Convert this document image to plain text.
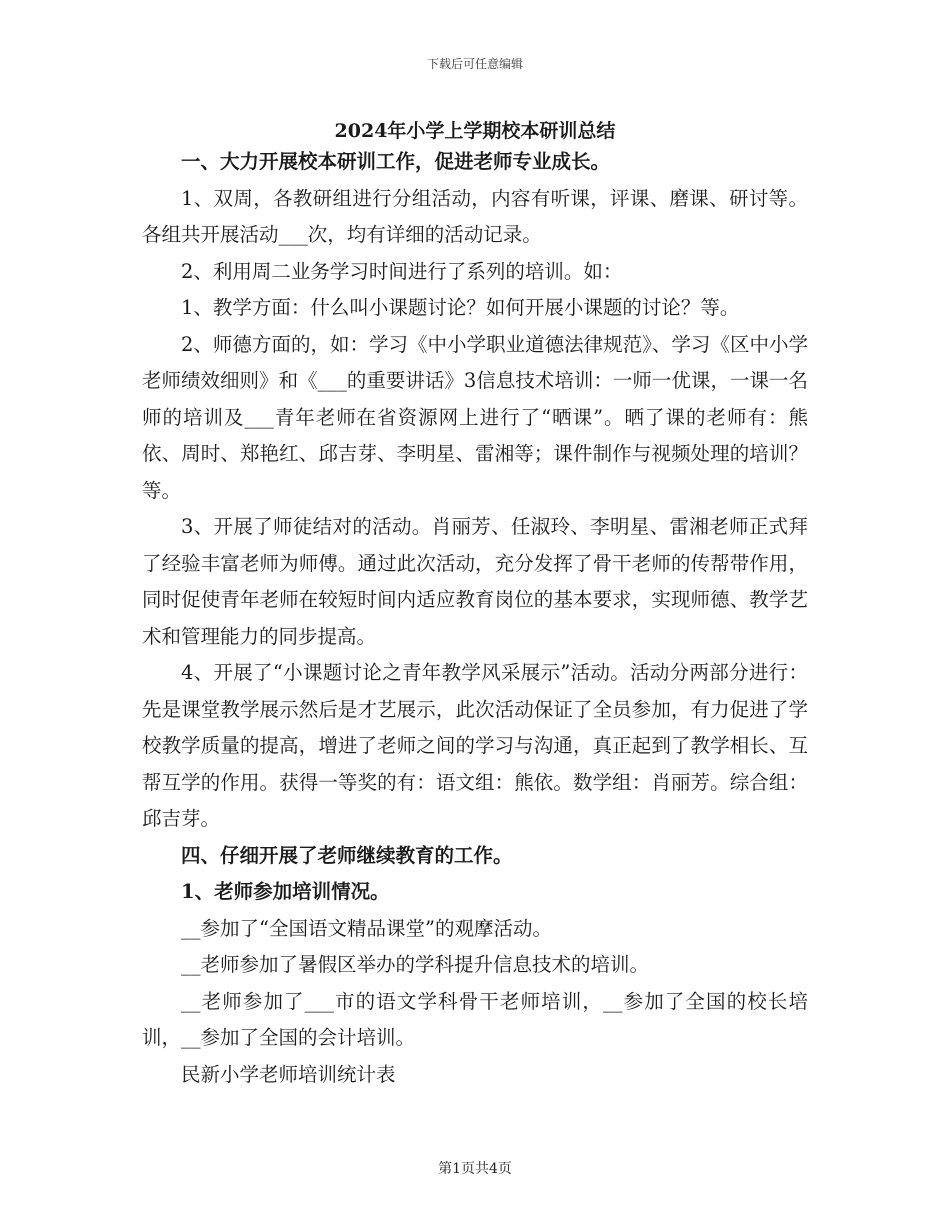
下载后可任意编辑
2024年小学上学期校本研训总结

一、大力开展校本研训工作，促进老师专业成长。

1、双周，各教研组进行分组活动，内容有听课，评课、磨课、研讨等。各组共开展活动___次，均有详细的活动记录。

2、利用周二业务学习时间进行了系列的培训。如：

1、教学方面：什么叫小课题讨论？如何开展小课题的讨论？等。

2、师德方面的，如：学习《中小学职业道德法律规范》、学习《区中小学老师绩效细则》和《___的重要讲话》3信息技术培训：一师一优课，一课一名师的培训及___青年老师在省资源网上进行了“晒课”。晒了课的老师有：熊依、周时、郑艳红、邱吉芽、李明星、雷湘等；课件制作与视频处理的培训？等。

3、开展了师徒结对的活动。肖丽芳、任淑玲、李明星、雷湘老师正式拜了经验丰富老师为师傅。通过此次活动，充分发挥了骨干老师的传帮带作用，同时促使青年老师在较短时间内适应教育岗位的基本要求，实现师德、教学艺术和管理能力的同步提高。

4、开展了“小课题讨论之青年教学风采展示”活动。活动分两部分进行：先是课堂教学展示然后是才艺展示，此次活动保证了全员参加，有力促进了学校教学质量的提高，增进了老师之间的学习与沟通，真正起到了教学相长、互帮互学的作用。获得一等奖的有：语文组：熊依。数学组：肖丽芳。综合组：邱吉芽。

四、仔细开展了老师继续教育的工作。

1、老师参加培训情况。

__参加了“全国语文精品课堂”的观摩活动。

__老师参加了暑假区举办的学科提升信息技术的培训。

__老师参加了___市的语文学科骨干老师培训，__参加了全国的校长培训，__参加了全国的会计培训。

民新小学老师培训统计表

第1页共4页
